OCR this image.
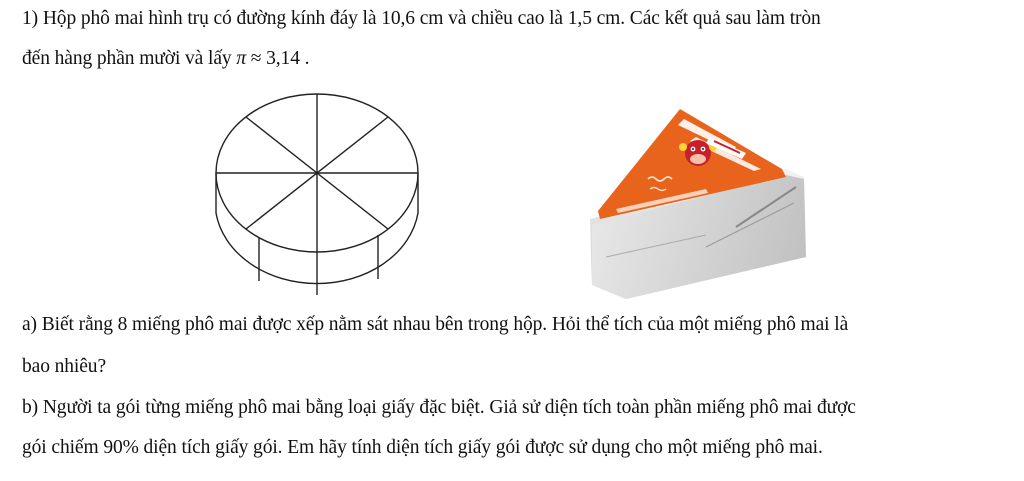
1) Hộp phô mai hình trụ có đường kính đáy là 10,6 cm và chiều cao là 1,5 cm. Các kết quả sau làm tròn
đến hàng phần mười và lấy π ≈ 3,14 .
a) Biết rằng 8 miếng phô mai được xếp nằm sát nhau bên trong hộp. Hỏi thể tích của một miếng phô mai là
bao nhiêu?
b) Người ta gói từng miếng phô mai bằng loại giấy đặc biệt. Giả sử diện tích toàn phần miếng phô mai được
gói chiếm 90% diện tích giấy gói. Em hãy tính diện tích giấy gói được sử dụng cho một miếng phô mai.
